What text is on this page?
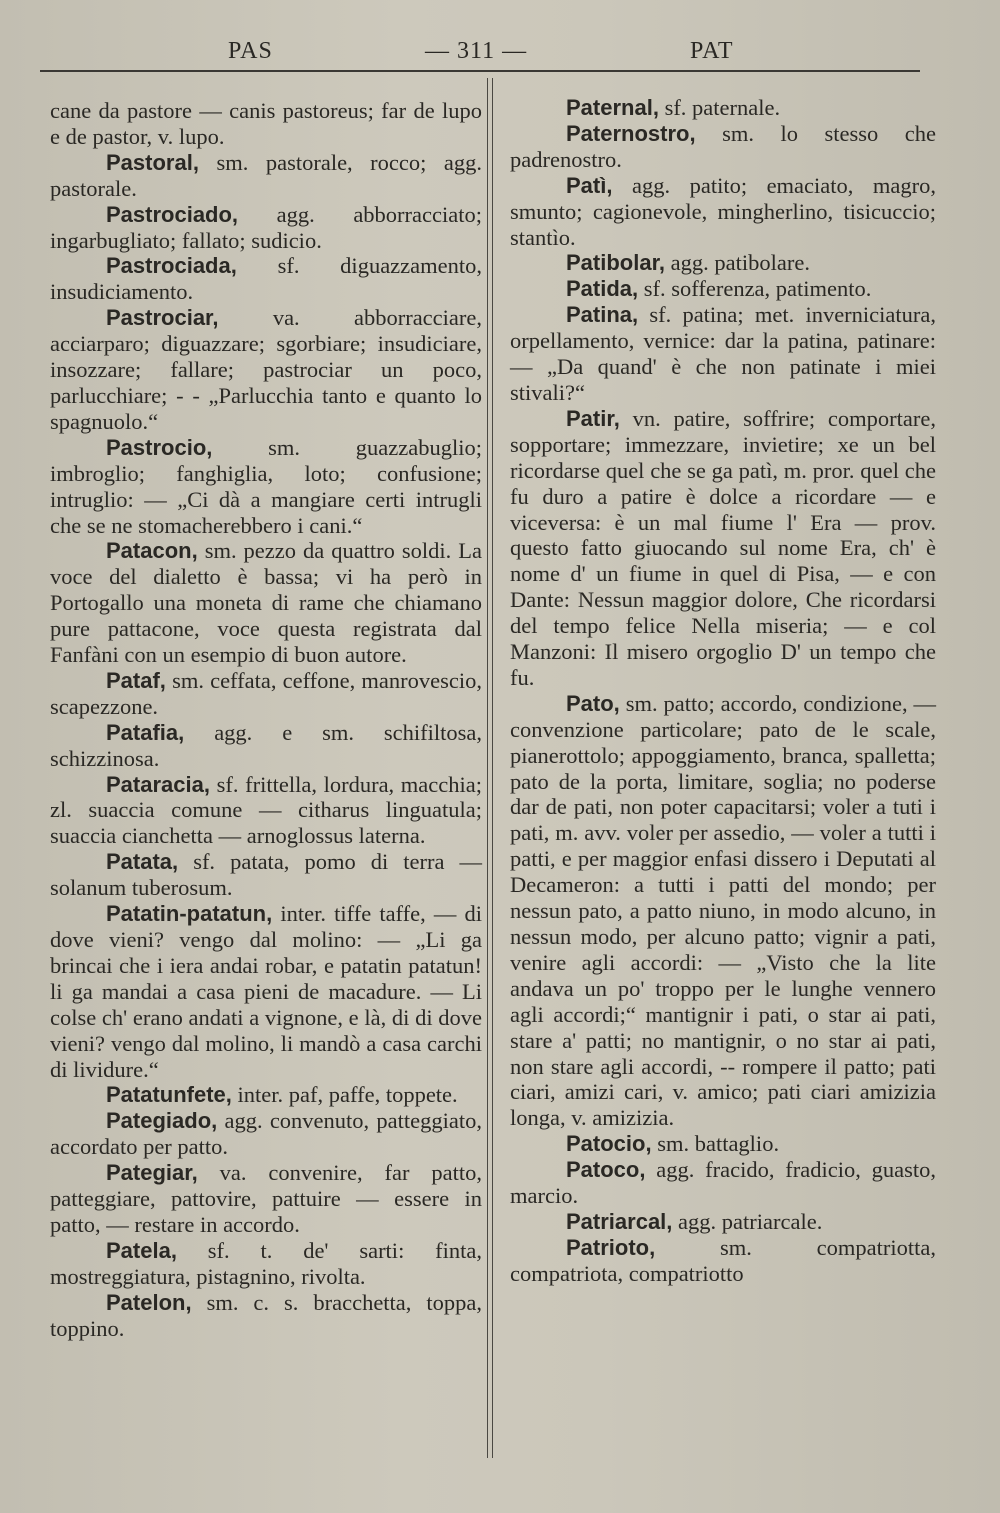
PAS	— 311 —	PAT

cane da pastore — canis pastoreus; far de lupo e de pastor, v. lupo.

Pastoral, sm. pastorale, rocco; agg. pastorale.

Pastrociado, agg. abborracciato; ingarbugliato; fallato; sudicio.

Pastrociada, sf. diguazzamento, insudiciamento.

Pastrociar, va. abborracciare, acciarparo; diguazzare; sgorbiare; insudiciare, insozzare; fallare; pastrociar un poco, parlucchiare; - - „Parlucchia tanto e quanto lo spagnuolo.“

Pastrocio, sm. guazzabuglio; imbroglio; fanghiglia, loto; confusione; intruglio: — „Ci dà a mangiare certi intrugli che se ne stomacherebbero i cani.“

Patacon, sm. pezzo da quattro soldi. La voce del dialetto è bassa; vi ha però in Portogallo una moneta di rame che chiamano pure pattacone, voce questa registrata dal Fanfàni con un esempio di buon autore.

Pataf, sm. ceffata, ceffone, manrovescio, scapezzone.

Patafia, agg. e sm. schifiltosa, schizzinosa.

Pataracia, sf. frittella, lordura, macchia; zl. suaccia comune — citharus linguatula; suaccia cianchetta — arnoglossus laterna.

Patata, sf. patata, pomo di terra — solanum tuberosum.

Patatin-patatun, inter. tiffe taffe, — di dove vieni? vengo dal molino: — „Li ga brincai che i iera andai robar, e patatin patatun! li ga mandai a casa pieni de macadure. — Li colse ch' erano andati a vignone, e là, di di dove vieni? vengo dal molino, li mandò a casa carchi di lividure.“

Patatunfete, inter. paf, paffe, toppete.

Pategiado, agg. convenuto, patteggiato, accordato per patto.

Pategiar, va. convenire, far patto, patteggiare, pattovire, pattuire — essere in patto, — restare in accordo.

Patela, sf. t. de' sarti: finta, mostreggiatura, pistagnino, rivolta.

Patelon, sm. c. s. bracchetta, toppa, toppino.

Paternal, sf. paternale.

Paternostro, sm. lo stesso che padrenostro.

Patì, agg. patito; emaciato, magro, smunto; cagionevole, mingherlino, tisicuccio; stantìo.

Patibolar, agg. patibolare.

Patida, sf. sofferenza, patimento.

Patina, sf. patina; met. inverniciatura, orpellamento, vernice: dar la patina, patinare: — „Da quand' è che non patinate i miei stivali?“

Patir, vn. patire, soffrire; comportare, sopportare; immezzare, invietire; xe un bel ricordarse quel che se ga patì, m. pror. quel che fu duro a patire è dolce a ricordare — e viceversa: è un mal fiume l' Era — prov. questo fatto giuocando sul nome Era, ch' è nome d' un fiume in quel di Pisa, — e con Dante: Nessun maggior dolore, Che ricordarsi del tempo felice Nella miseria; — e col Manzoni: Il misero orgoglio D' un tempo che fu.

Pato, sm. patto; accordo, condizione, — convenzione particolare; pato de le scale, pianerottolo; appoggiamento, branca, spalletta; pato de la porta, limitare, soglia; no poderse dar de pati, non poter capacitarsi; voler a tuti i pati, m. avv. voler per assedio, — voler a tutti i patti, e per maggior enfasi dissero i Deputati al Decameron: a tutti i patti del mondo; per nessun pato, a patto niuno, in modo alcuno, in nessun modo, per alcuno patto; vignir a pati, venire agli accordi: — „Visto che la lite andava un po' troppo per le lunghe vennero agli accordi;“ mantignir i pati, o star ai pati, stare a' patti; no mantignir, o no star ai pati, non stare agli accordi, -- rompere il patto; pati ciari, amizi cari, v. amico; pati ciari amizizia longa, v. amizizia.

Patocio, sm. battaglio.

Patoco, agg. fracido, fradicio, guasto, marcio.

Patriarcal, agg. patriarcale.

Patrioto,	sm. compatriotta, compatriota, compatriotto
